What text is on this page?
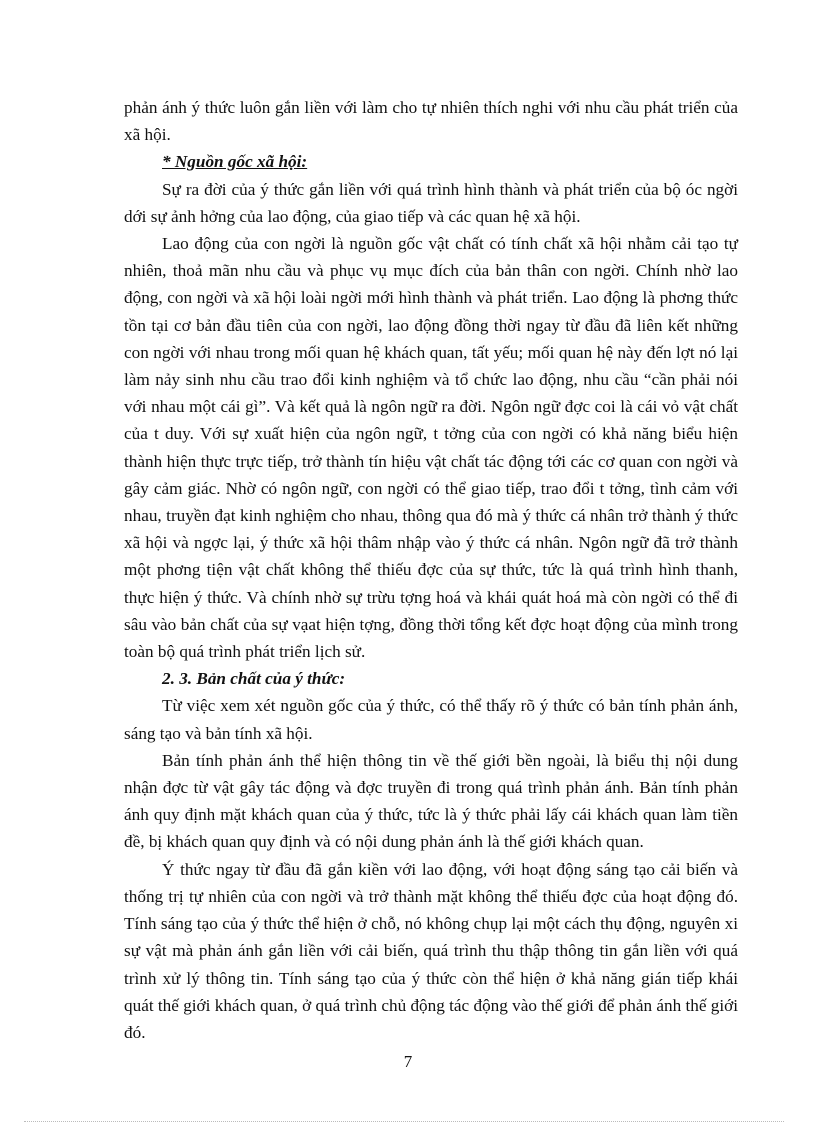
phản ánh ý thức luôn gắn liền với làm cho tự nhiên thích nghi với nhu cầu phát triển của xã hội.

* Nguồn gốc xã hội:

Sự ra đời của ý thức gắn liền với quá trình hình thành và phát triển của bộ óc ngời dới sự ảnh hởng của lao động, của giao tiếp và các quan hệ xã hội.

Lao động của con ngời là nguồn gốc vật chất có tính chất xã hội nhằm cải tạo tự nhiên, thoả mãn nhu cầu và phục vụ mục đích của bản thân con ngời. Chính nhờ lao động, con ngời và xã hội loài ngời mới hình thành và phát triển. Lao động là phơng thức tồn tại cơ bản đầu tiên của con ngời, lao động đồng thời ngay từ đầu đã liên kết những con ngời với nhau trong mối quan hệ khách quan, tất yếu; mối quan hệ này đến lợt nó lại làm nảy sinh nhu cầu trao đổi kinh nghiệm và tổ chức lao động, nhu cầu “cần phải nói với nhau một cái gì”. Và kết quả là ngôn ngữ ra đời. Ngôn ngữ đợc coi là cái vỏ vật chất của t duy. Với sự xuất hiện của ngôn ngữ, t tởng của con ngời có khả năng biểu hiện thành hiện thực trực tiếp, trở thành tín hiệu vật chất tác động tới các cơ quan con ngời và gây cảm giác. Nhờ có ngôn ngữ, con ngời có thể giao tiếp, trao đổi t tởng, tình cảm với nhau, truyền đạt kinh nghiệm cho nhau, thông qua đó mà ý thức cá nhân trở thành ý thức xã hội và ngợc lại, ý thức xã hội thâm nhập vào ý thức cá nhân. Ngôn ngữ đã trở thành một phơng tiện vật chất không thể thiếu đợc của sự thức, tức là quá trình hình thanh, thực hiện ý thức. Và chính nhờ sự trừu tợng hoá và khái quát hoá mà còn ngời có thể đi sâu vào bản chất của sự vạat hiện tợng, đồng thời tổng kết đợc hoạt động của mình trong toàn bộ quá trình phát triển lịch sử.

2. 3. Bản chất của ý thức:

Từ việc xem xét nguồn gốc của ý thức, có thể thấy rõ ý thức có bản tính phản ánh, sáng tạo và bản tính xã hội.

Bản tính phản ánh thể hiện thông tin về thế giới bền ngoài, là biểu thị nội dung nhận đợc từ vật gây tác động và đợc truyền đi trong quá trình phản ánh. Bản tính phản ánh quy định mặt khách quan của ý thức, tức là ý thức phải lấy cái khách quan làm tiền đề, bị khách quan quy định và có nội dung phản ánh là thế giới khách quan.

Ý thức ngay từ đầu đã gắn kiền với lao động, với hoạt động sáng tạo cải biến và thống trị tự nhiên của con ngời và trở thành mặt không thể thiếu đợc của hoạt động đó. Tính sáng tạo của ý thức thể hiện ở chỗ, nó không chụp lại một cách thụ động, nguyên xi sự vật mà phản ánh gắn liền với cải biến, quá trình thu thập thông tin gắn liền với quá trình xử lý thông tin. Tính sáng tạo của ý thức còn thể hiện ở khả năng gián tiếp khái quát thế giới khách quan, ở quá trình chủ động tác động vào thế giới để phản ánh thế giới đó.

7
